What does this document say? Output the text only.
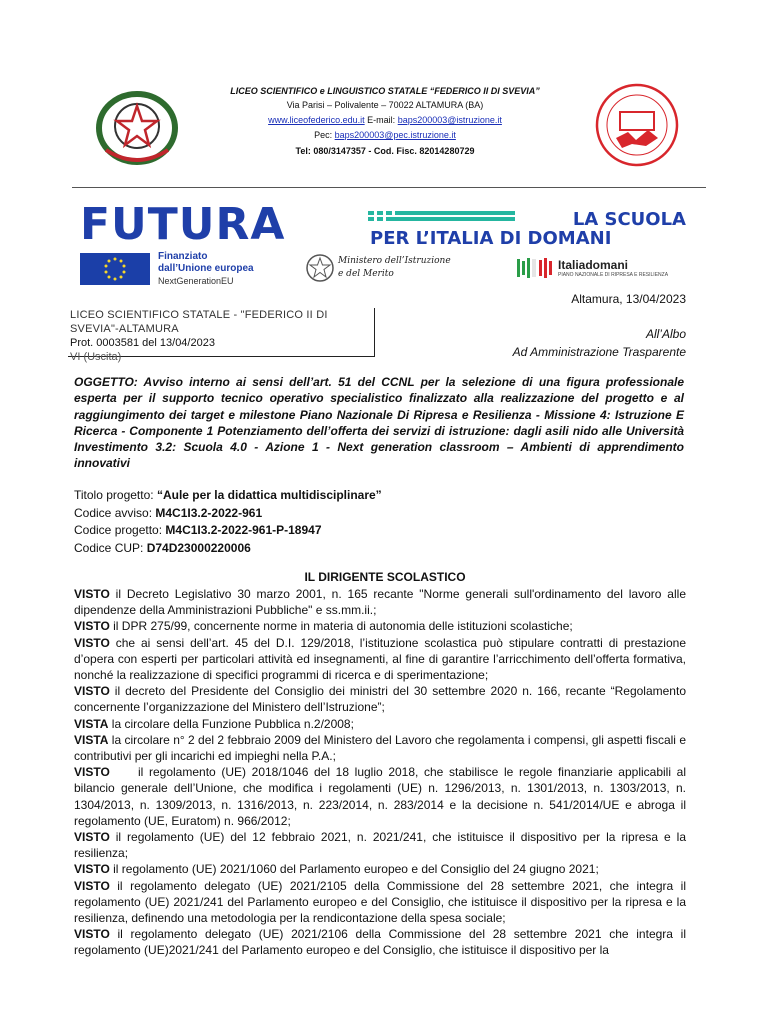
LICEO SCIENTIFICO e LINGUISTICO STATALE “FEDERICO II DI SVEVIA”
Via Parisi – Polivalente – 70022 ALTAMURA (BA)
www.liceofederico.edu.it E-mail: baps200003@istruzione.it
Pec: baps200003@pec.istruzione.it
Tel: 080/3147357 - Cod. Fisc. 82014280729
FUTURA	LA SCUOLA
PER L’ITALIA DI DOMANI
Finanziato
dall’Unione europea
NextGenerationEU
Ministero dell’Istruzione
e del Merito
Italiadomani
PIANO NAZIONALE DI RIPRESA E RESILIENZA
Altamura, 13/04/2023
LICEO SCIENTIFICO STATALE - "FEDERICO II DI SVEVIA"-ALTAMURA
Prot. 0003581 del 13/04/2023
VI (Uscita)
All’Albo
Ad Amministrazione Trasparente
OGGETTO: Avviso interno ai sensi dell’art. 51 del CCNL per la selezione di una figura professionale esperta per il supporto tecnico operativo specialistico finalizzato alla realizzazione del progetto e al raggiungimento dei target e milestone Piano Nazionale Di Ripresa e Resilienza - Missione 4: Istruzione E Ricerca - Componente 1 Potenziamento dell’offerta dei servizi di istruzione: dagli asili nido alle Università Investimento 3.2: Scuola 4.0 - Azione 1 - Next generation classroom – Ambienti di apprendimento innovativi
Titolo progetto: “Aule per la didattica multidisciplinare”
Codice avviso: M4C1I3.2-2022-961
Codice progetto: M4C1I3.2-2022-961-P-18947
Codice CUP: D74D23000220006
IL DIRIGENTE SCOLASTICO

VISTO il Decreto Legislativo 30 marzo 2001, n. 165 recante "Norme generali sull'ordinamento del lavoro alle dipendenze della Amministrazioni Pubbliche" e ss.mm.ii.;

VISTO il DPR 275/99, concernente norme in materia di autonomia delle istituzioni scolastiche;

VISTO che ai sensi dell’art. 45 del D.I. 129/2018, l’istituzione scolastica può stipulare contratti di prestazione d’opera con esperti per particolari attività ed insegnamenti, al fine di garantire l’arricchimento dell’offerta formativa, nonché la realizzazione di specifici programmi di ricerca e di sperimentazione;

VISTO il decreto del Presidente del Consiglio dei ministri del 30 settembre 2020 n. 166, recante “Regolamento concernente l’organizzazione del Ministero dell’Istruzione”;

VISTA la circolare della Funzione Pubblica n.2/2008;

VISTA la circolare n° 2 del 2 febbraio 2009 del Ministero del Lavoro che regolamenta i compensi, gli aspetti fiscali e contributivi per gli incarichi ed impieghi nella P.A.;

VISTO     il regolamento (UE) 2018/1046 del 18 luglio 2018, che stabilisce le regole finanziarie applicabili al bilancio generale dell’Unione, che modifica i regolamenti (UE) n. 1296/2013, n. 1301/2013, n. 1303/2013, n. 1304/2013, n. 1309/2013, n. 1316/2013, n. 223/2014, n. 283/2014 e la decisione n. 541/2014/UE e abroga il regolamento (UE, Euratom) n. 966/2012;

VISTO il regolamento (UE) del 12 febbraio 2021, n. 2021/241, che istituisce il dispositivo per la ripresa e la resilienza;

VISTO il regolamento (UE) 2021/1060 del Parlamento europeo e del Consiglio del 24 giugno 2021;

VISTO il regolamento delegato (UE) 2021/2105 della Commissione del 28 settembre 2021, che integra il regolamento (UE) 2021/241 del Parlamento europeo e del Consiglio, che istituisce il dispositivo per la ripresa e la resilienza, definendo una metodologia per la rendicontazione della spesa sociale;

VISTO il regolamento delegato (UE) 2021/2106 della Commissione del 28 settembre 2021 che integra il regolamento (UE)2021/241 del Parlamento europeo e del Consiglio, che istituisce il dispositivo per la
